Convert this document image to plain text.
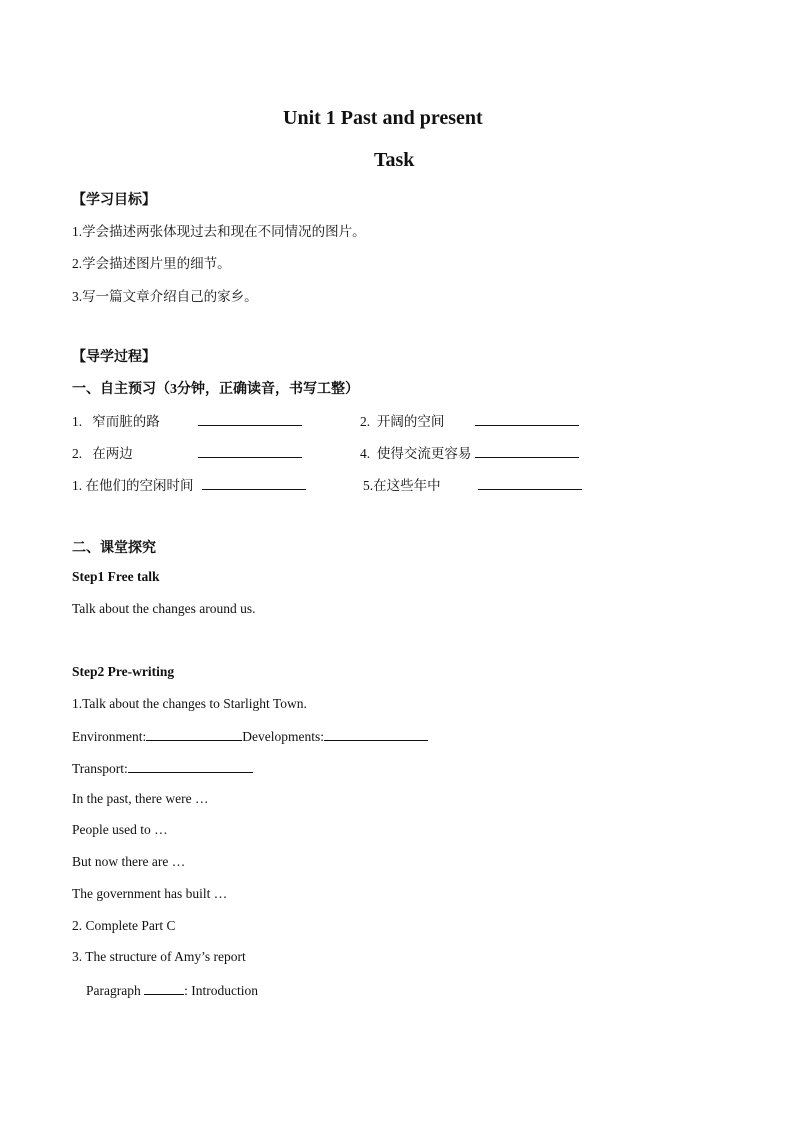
Unit 1 Past and present
Task
【学习目标】
1.学会描述两张体现过去和现在不同情况的图片。
2.学会描述图片里的细节。
3.写一篇文章介绍自己的家乡。
【导学过程】
一、自主预习（3分钟，正确读音，书写工整）
1. 窄而脏的路	2. 开阔的空间
2. 在两边	4. 使得交流更容易
1. 在他们的空闲时间	5.在这些年中
二、课堂探究
Step1 Free talk
Talk about the changes around us.
Step2 Pre-writing
1.Talk about the changes to Starlight Town.
Environment:	Developments:
Transport:
In the past, there were …
People used to …
But now there are …
The government has built …
2. Complete Part C
3. The structure of Amy’s report
Paragraph	: Introduction
